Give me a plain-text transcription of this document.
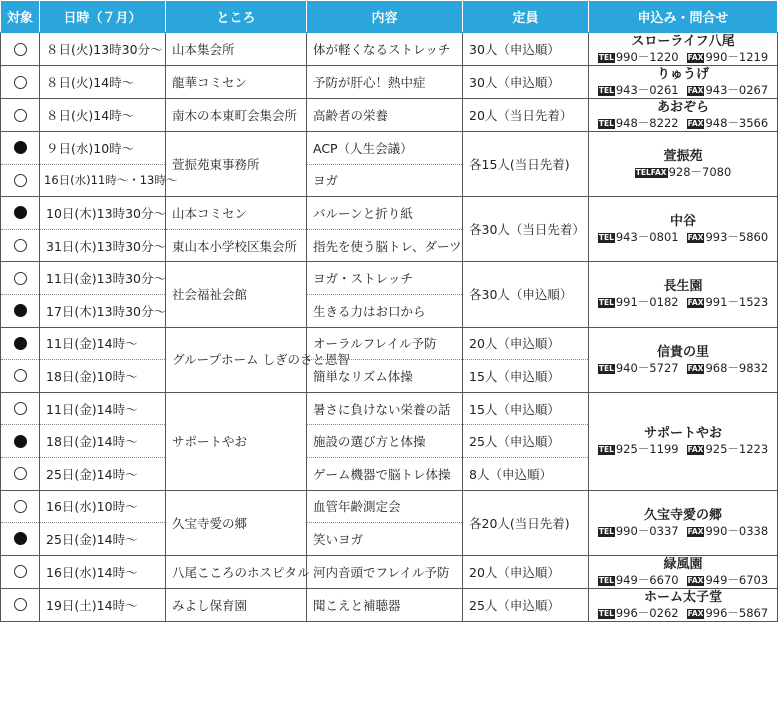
対象	日時（７月）	ところ	内容	定員	申込み・問合せ
	８日(火)13時30分～	山本集会所	体が軽くなるストレッチ	30人（申込順）	スローライフ八尾
TEL 990－1220 FAX 990－1219

	８日(火)14時～	龍華コミセン	予防が肝心！熱中症	30人（申込順）	りゅうげ
TEL 943－0261 FAX 943－0267

	８日(火)14時～	南木の本東町会集会所	高齢者の栄養	20人（当日先着）	あおぞら
TEL 948－8222 FAX 948－3566

	９日(水)10時～	萱振苑東事務所	ACP（人生会議）	各15人(当日先着)	萱振苑
TELFAX 928－7080

	16日(水)11時～・13時～		ヨガ		
	10日(木)13時30分～	山本コミセン	バルーンと折り紙	各30人（当日先着）	中谷
TEL 943－0801 FAX 993－5860

	31日(木)13時30分～	東山本小学校区集会所	指先を使う脳トレ、ダーツ		
	11日(金)13時30分～	社会福祉会館	ヨガ・ストレッチ	各30人（申込順）	長生園
TEL 991－0182 FAX 991－1523

	17日(木)13時30分～		生きる力はお口から		
	11日(金)14時～	グループホーム しぎのさと恩智	オーラルフレイル予防	20人（申込順）	信貴の里
TEL 940－5727 FAX 968－9832

	18日(金)10時～		簡単なリズム体操	15人（申込順）	
	11日(金)14時～	サポートやお	暑さに負けない栄養の話	15人（申込順）	サポートやお
TEL 925－1199 FAX 925－1223

	18日(金)14時～		施設の選び方と体操	25人（申込順）	
	25日(金)14時～		ゲーム機器で脳トレ体操	8人（申込順）	
	16日(水)10時～	久宝寺愛の郷	血管年齢測定会	各20人(当日先着)	久宝寺愛の郷
TEL 990－0337 FAX 990－0338

	25日(金)14時～		笑いヨガ		
	16日(水)14時～	八尾こころのホスピタル	河内音頭でフレイル予防	20人（申込順）	緑風園
TEL 949－6670 FAX 949－6703

	19日(土)14時～	みよし保育園	聞こえと補聴器	25人（申込順）	ホーム太子堂
TEL 996－0262 FAX 996－5867
